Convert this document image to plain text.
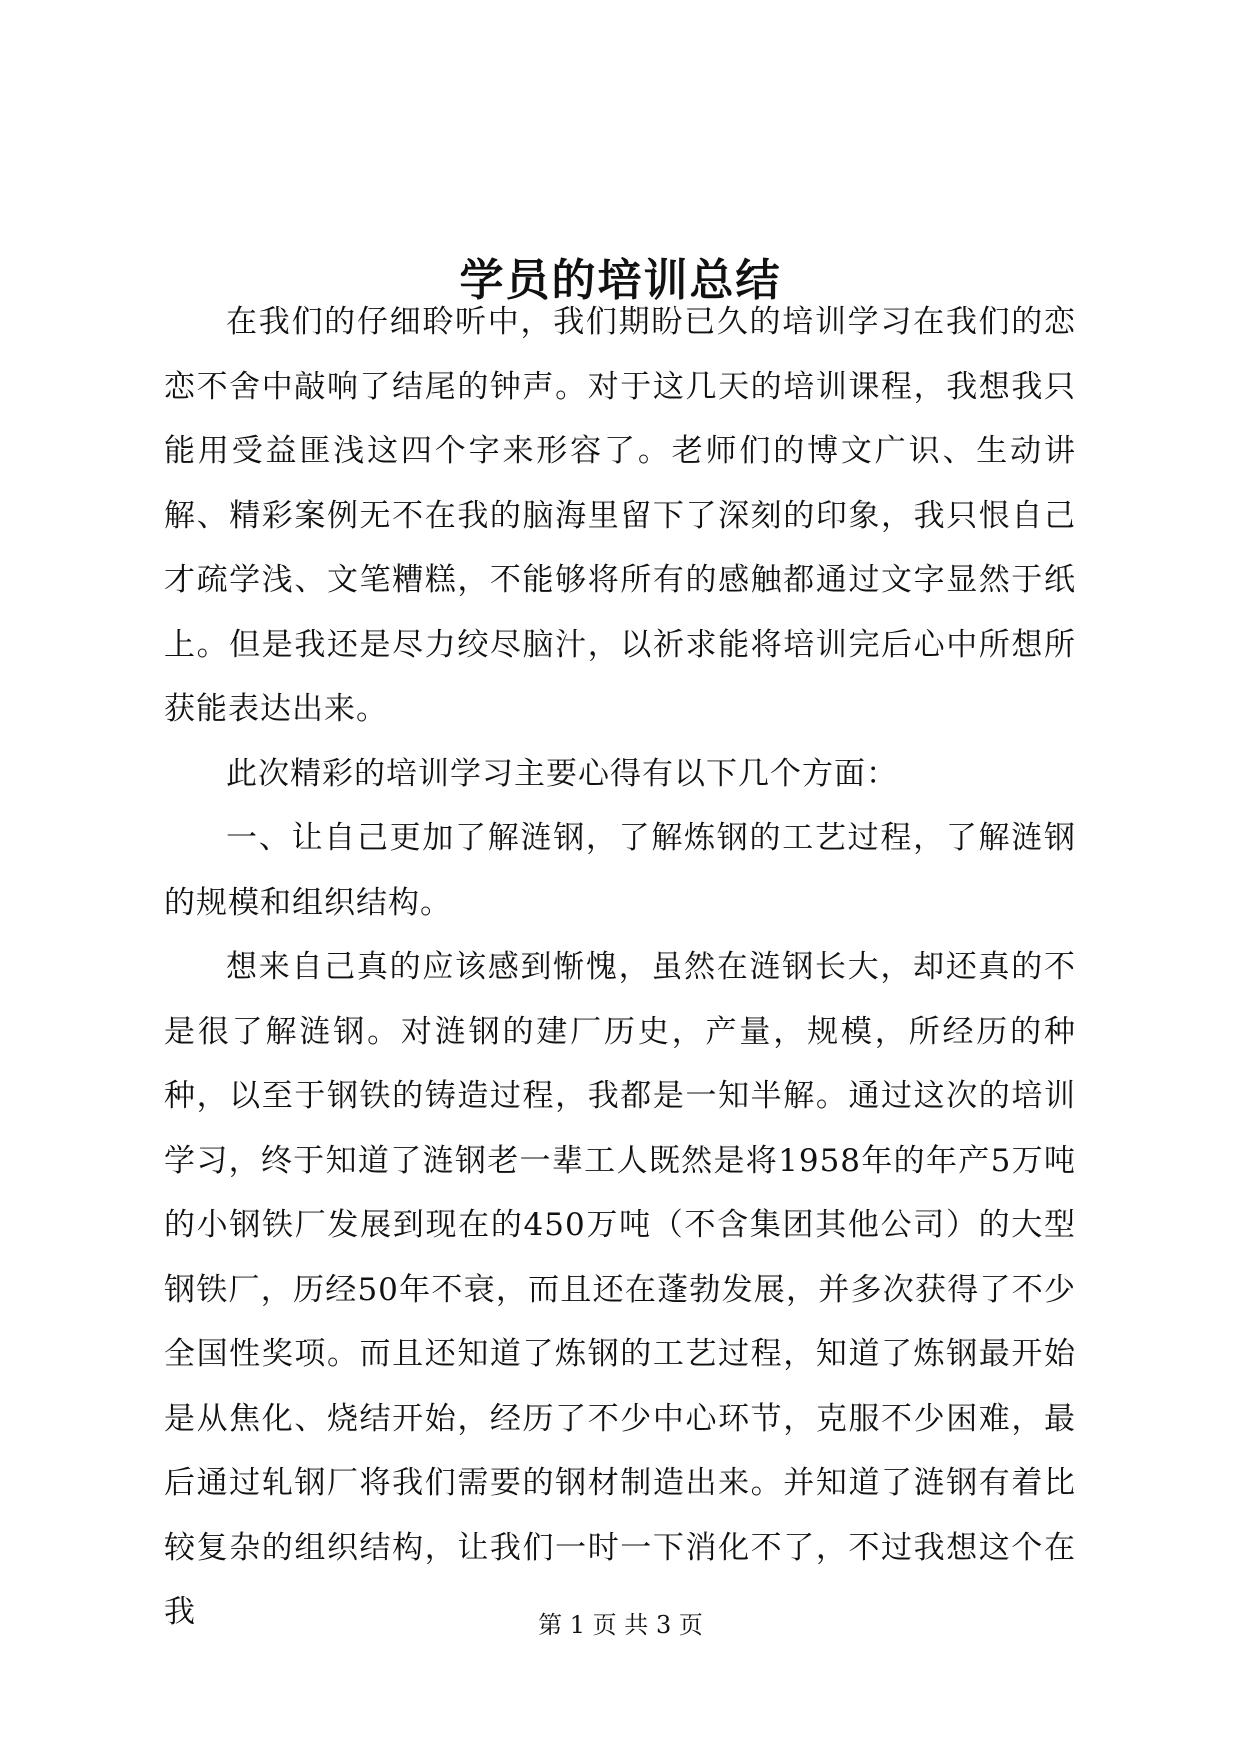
学员的培训总结

在我们的仔细聆听中，我们期盼已久的培训学习在我们的恋恋不舍中敲响了结尾的钟声。对于这几天的培训课程，我想我只能用受益匪浅这四个字来形容了。老师们的博文广识、生动讲解、精彩案例无不在我的脑海里留下了深刻的印象，我只恨自己才疏学浅、文笔糟糕，不能够将所有的感触都通过文字显然于纸上。但是我还是尽力绞尽脑汁，以祈求能将培训完后心中所想所获能表达出来。

此次精彩的培训学习主要心得有以下几个方面：

一、让自己更加了解涟钢，了解炼钢的工艺过程，了解涟钢的规模和组织结构。

想来自己真的应该感到惭愧，虽然在涟钢长大，却还真的不是很了解涟钢。对涟钢的建厂历史，产量，规模，所经历的种种，以至于钢铁的铸造过程，我都是一知半解。通过这次的培训学习，终于知道了涟钢老一辈工人既然是将1958年的年产5万吨的小钢铁厂发展到现在的450万吨（不含集团其他公司）的大型钢铁厂，历经50年不衰，而且还在蓬勃发展，并多次获得了不少全国性奖项。而且还知道了炼钢的工艺过程，知道了炼钢最开始是从焦化、烧结开始，经历了不少中心环节，克服不少困难，最后通过轧钢厂将我们需要的钢材制造出来。并知道了涟钢有着比较复杂的组织结构，让我们一时一下消化不了，不过我想这个在我	第 1 页 共 3 页
